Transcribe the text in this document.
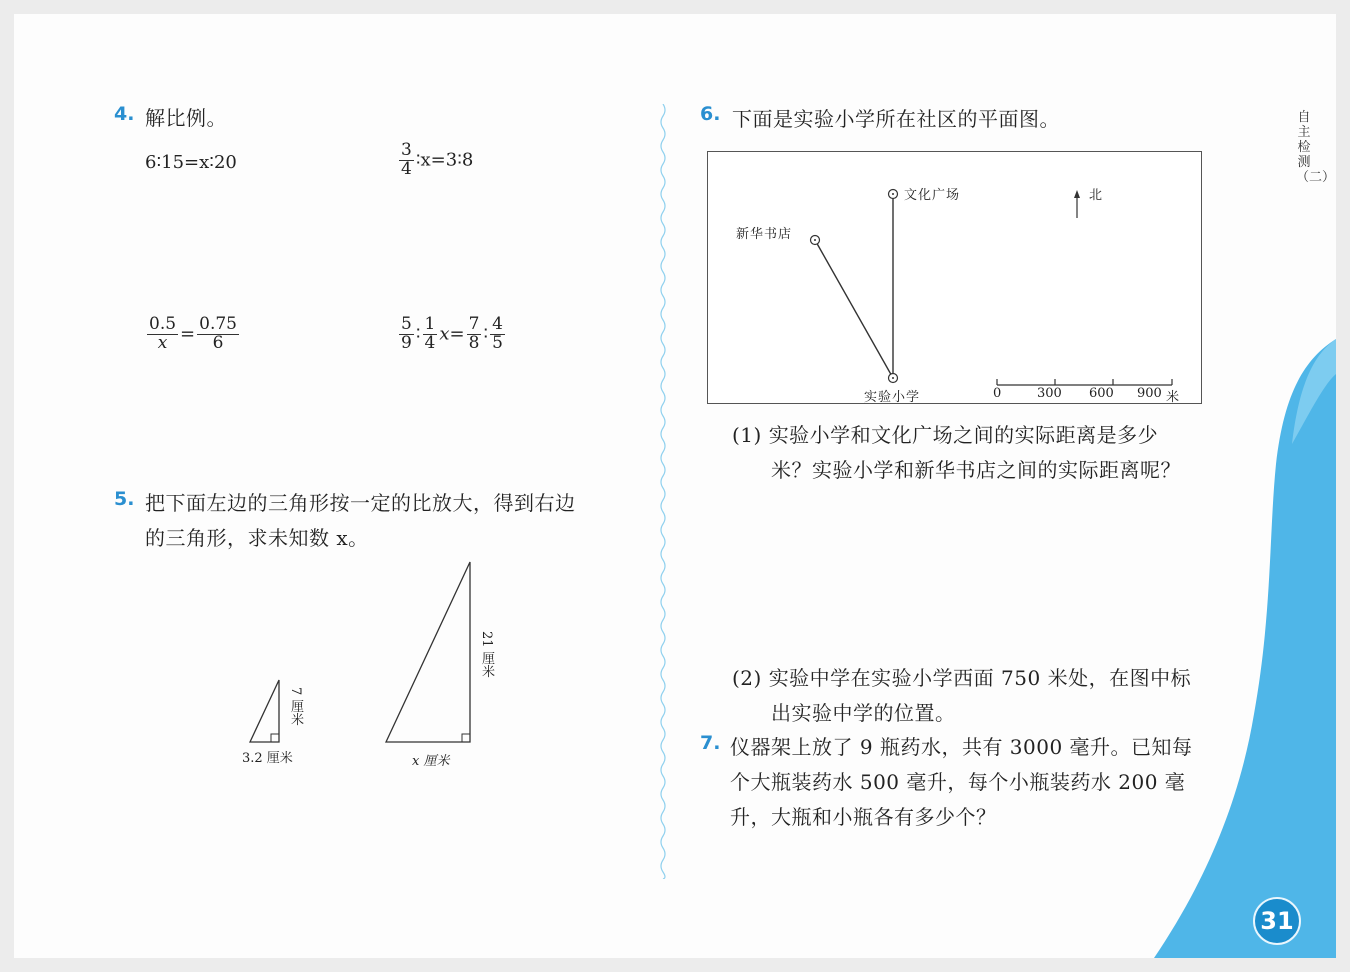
4. 解比例。
6∶15=x∶20	$\frac{3}{4}$ ∶x=3∶8
$\frac{0.5}{x} = \frac{0.75}{6}$	$\frac{5}{9}$ ∶ $\frac{1}{4} x= \frac{7}{8}$ ∶ $\frac{4}{5}$
5. 把下面左边的三角形按一定的比放大，得到右边
的三角形，求未知数 x。
7 厘米
3.2 厘米
21 厘米
x 厘米
6. 下面是实验小学所在社区的平面图。
文化广场
新华书店
实验小学
北
0	300 600 900 米
(1) 实验小学和文化广场之间的实际距离是多少
米？实验小学和新华书店之间的实际距离呢？
(2) 实验中学在实验小学西面 750 米处，在图中标
出实验中学的位置。
7. 仪器架上放了 9 瓶药水，共有 3000 毫升。已知每
个大瓶装药水 500 毫升，每个小瓶装药水 200 毫
升，大瓶和小瓶各有多少个？
自主检测（二）
31
